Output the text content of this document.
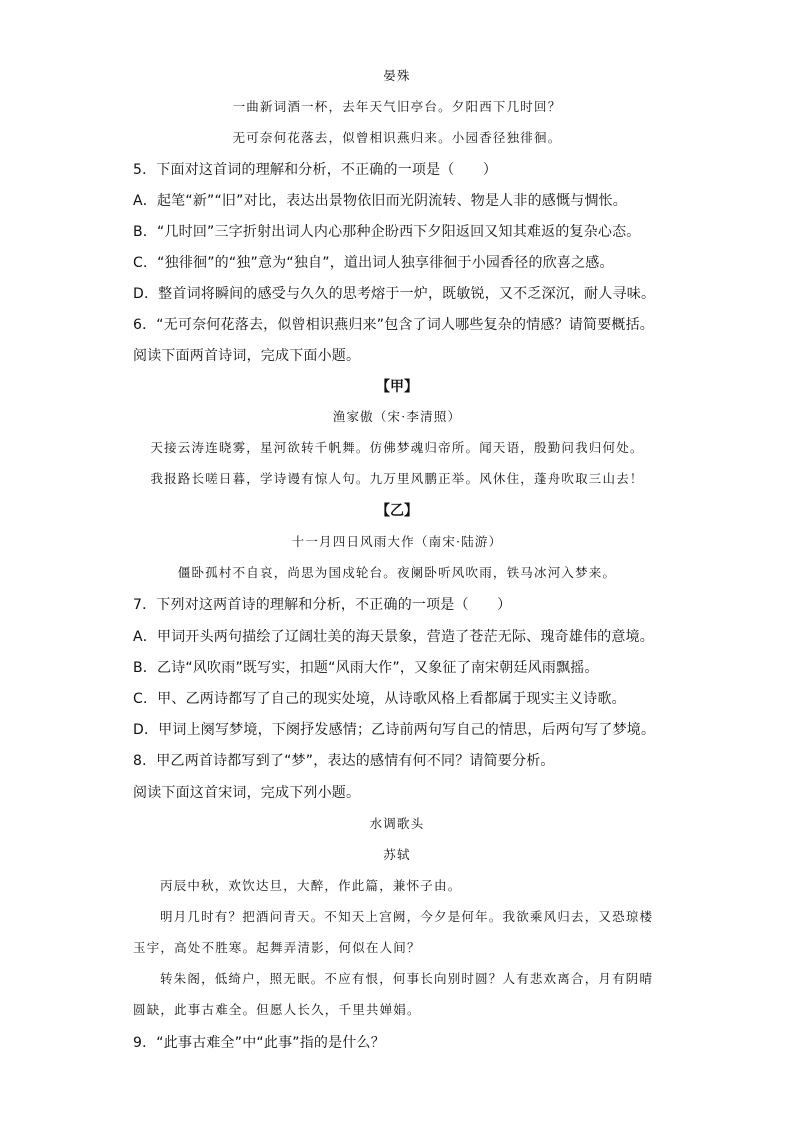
晏殊
一曲新词酒一杯，去年天气旧亭台。夕阳西下几时回？
无可奈何花落去，似曾相识燕归来。小园香径独徘徊。
5．下面对这首词的理解和分析，不正确的一项是（　　）
A．起笔“新”“旧”对比，表达出景物依旧而光阴流转、物是人非的感慨与惆怅。
B．“几时回”三字折射出词人内心那种企盼西下夕阳返回又知其难返的复杂心态。
C．“独徘徊”的“独”意为“独自”，道出词人独享徘徊于小园香径的欣喜之感。
D．整首词将瞬间的感受与久久的思考熔于一炉，既敏锐，又不乏深沉，耐人寻味。
6．“无可奈何花落去，似曾相识燕归来”包含了词人哪些复杂的情感？请简要概括。
阅读下面两首诗词，完成下面小题。
【甲】
渔家傲（宋·李清照）
天接云涛连晓雾，星河欲转千帆舞。仿佛梦魂归帝所。闻天语，殷勤问我归何处。
我报路长嗟日暮，学诗谩有惊人句。九万里风鹏正举。风休住，蓬舟吹取三山去！
【乙】
十一月四日风雨大作（南宋·陆游）
僵卧孤村不自哀，尚思为国戍轮台。夜阑卧听风吹雨，铁马冰河入梦来。
7．下列对这两首诗的理解和分析，不正确的一项是（　　）
A．甲词开头两句描绘了辽阔壮美的海天景象，营造了苍茫无际、瑰奇雄伟的意境。
B．乙诗“风吹雨”既写实，扣题“风雨大作”，又象征了南宋朝廷风雨飘摇。
C．甲、乙两诗都写了自己的现实处境，从诗歌风格上看都属于现实主义诗歌。
D．甲词上阕写梦境，下阕抒发感情；乙诗前两句写自己的情思，后两句写了梦境。
8．甲乙两首诗都写到了“梦”，表达的感情有何不同？请简要分析。
阅读下面这首宋词，完成下列小题。
水调歌头
苏轼
丙辰中秋，欢饮达旦，大醉，作此篇，兼怀子由。
明月几时有？把酒问青天。不知天上宫阙，今夕是何年。我欲乘风归去，又恐琼楼
玉宇，高处不胜寒。起舞弄清影，何似在人间？
转朱阁，低绮户，照无眠。不应有恨，何事长向别时圆？人有悲欢离合，月有阴晴
圆缺，此事古难全。但愿人长久，千里共婵娟。
9．“此事古难全”中“此事”指的是什么？
